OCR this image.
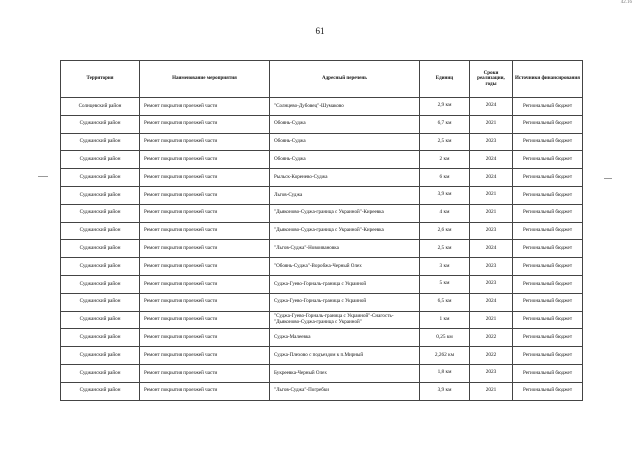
42.16
61
Территория	Наименование мероприятия	Адресный перечень	Единиц	Сроки реализации, годы	Источники финансирования
Солнцевский район	Ремонт покрытия проезжей части	"Солнцево-Дубовец"-Шумаково	2,9 км	2024	Региональный бюджет
Суджанский район	Ремонт покрытия проезжей части	Обоянь-Суджа	6,7 км	2021	Региональный бюджет
Суджанский район	Ремонт покрытия проезжей части	Обоянь-Суджа	2,5 км	2023	Региональный бюджет
Суджанский район	Ремонт покрытия проезжей части	Обоянь-Суджа	2 км	2024	Региональный бюджет
Суджанский район	Ремонт покрытия проезжей части	Рыльск-Коренево-Суджа	6 км	2024	Региональный бюджет
Суджанский район	Ремонт покрытия проезжей части	Льгов-Суджа	3,9 км	2021	Региональный бюджет
Суджанский район	Ремонт покрытия проезжей части	"Дьяконово-Суджа-граница с Украиной"-Киреевка	4 км	2021	Региональный бюджет
Суджанский район	Ремонт покрытия проезжей части	"Дьяконово-Суджа-граница с Украиной"-Киреевка	2,6 км	2023	Региональный бюджет
Суджанский район	Ремонт покрытия проезжей части	"Льгов-Суджа"-Новоивановка	2,5 км	2024	Региональный бюджет
Суджанский район	Ремонт покрытия проезжей части	"Обоянь-Суджа"-Воробжа-Черный Олех	3 км	2023	Региональный бюджет
Суджанский район	Ремонт покрытия проезжей части	Суджа-Гуево-Горналь-граница с Украиной	5 км	2023	Региональный бюджет
Суджанский район	Ремонт покрытия проезжей части	Суджа-Гуево-Горналь-граница с Украиной	6,5 км	2024	Региональный бюджет
Суджанский район	Ремонт покрытия проезжей части	"Суджа-Гуево-Горналь-граница с Украиной"-Снагость-"Дьяконово-Суджа-граница с Украиной"	1 км	2021	Региональный бюджет
Суджанский район	Ремонт покрытия проезжей части	Суджа-Малеевка	0,25 км	2022	Региональный бюджет
Суджанский район	Ремонт покрытия проезжей части	Суджа-Плехово с подъездом к п.Мирный	2,262 км	2022	Региональный бюджет
Суджанский район	Ремонт покрытия проезжей части	Букреевка-Черный Олех	1,8 км	2023	Региональный бюджет
Суджанский район	Ремонт покрытия проезжей части	"Льгов-Суджа"-Погребки	3,9 км	2021	Региональный бюджет
